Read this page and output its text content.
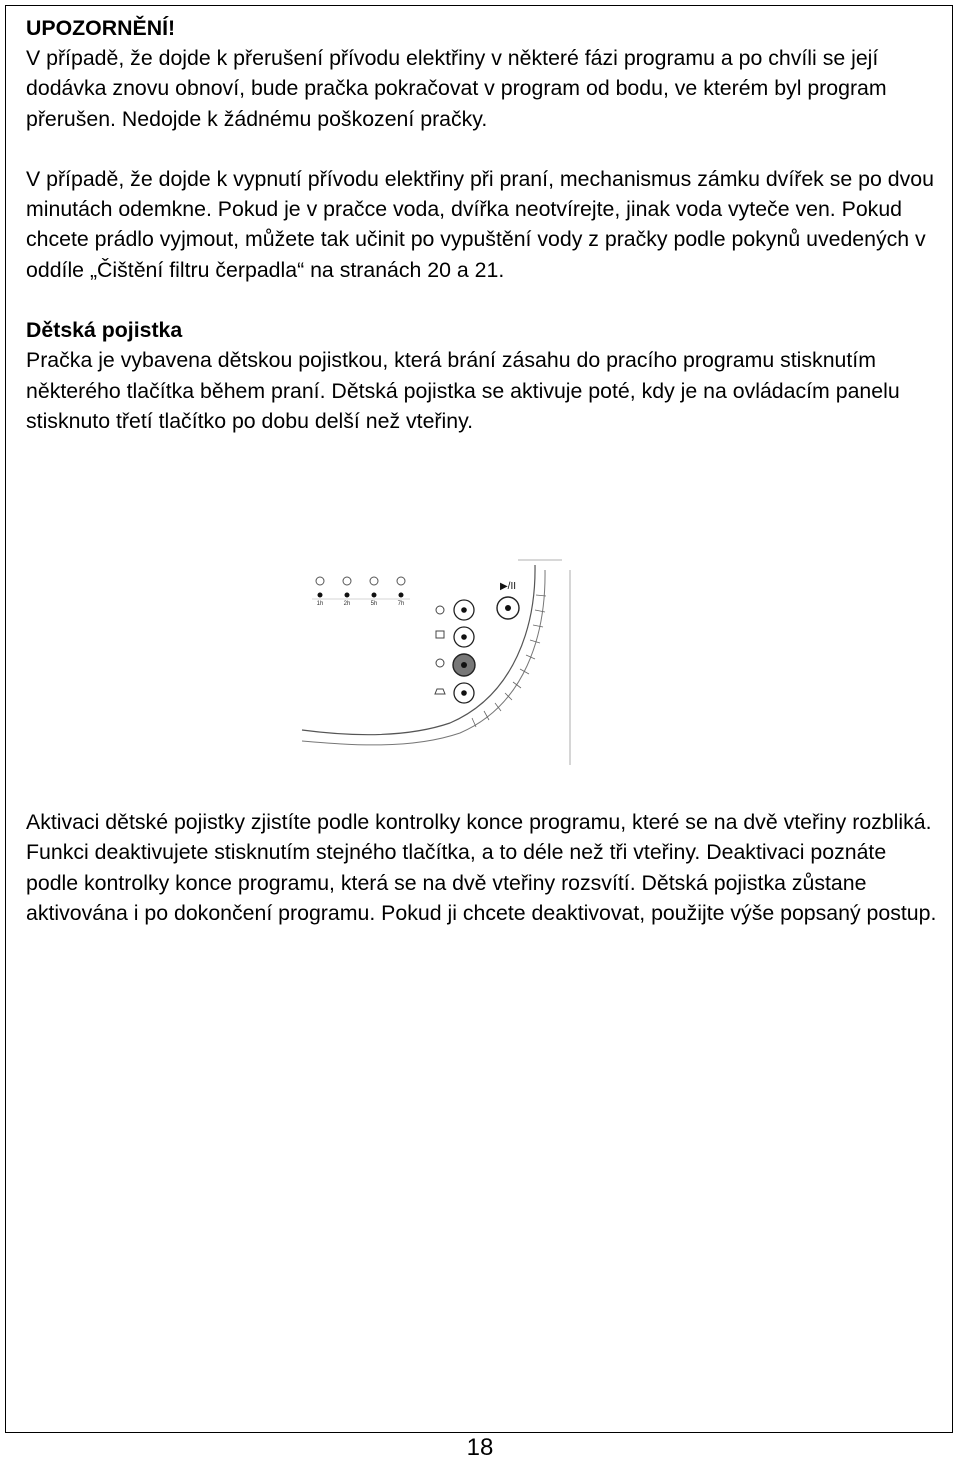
UPOZORNĚNÍ!

V případě, že dojde k přerušení přívodu elektřiny v některé fázi programu a po chvíli se její dodávka znovu obnoví, bude pračka pokračovat v program od bodu, ve kterém byl program přerušen. Nedojde k žádnému poškození pračky.

V případě, že dojde k vypnutí přívodu elektřiny při praní, mechanismus zámku dvířek se po dvou minutách odemkne. Pokud je v pračce voda, dvířka neotvírejte, jinak voda vyteče ven. Pokud chcete prádlo vyjmout, můžete tak učinit po vypuštění vody z pračky podle pokynů uvedených v oddíle „Čištění filtru čerpadla“ na stranách 20 a 21.

Dětská pojistka

Pračka je vybavena dětskou pojistkou, která brání zásahu do pracího programu stisknutím některého tlačítka během praní. Dětská pojistka se aktivuje poté, kdy je na ovládacím panelu stisknuto třetí tlačítko po dobu delší než vteřiny.

1h	2h	5h	7h
▶/II

Aktivaci dětské pojistky zjistíte podle kontrolky konce programu, které se na dvě vteřiny rozbliká. Funkci deaktivujete stisknutím stejného tlačítka, a to déle než tři vteřiny. Deaktivaci poznáte podle kontrolky konce programu, která se na dvě vteřiny rozsvítí. Dětská pojistka zůstane aktivována i po dokončení programu. Pokud ji chcete deaktivovat, použijte výše popsaný postup.

18
